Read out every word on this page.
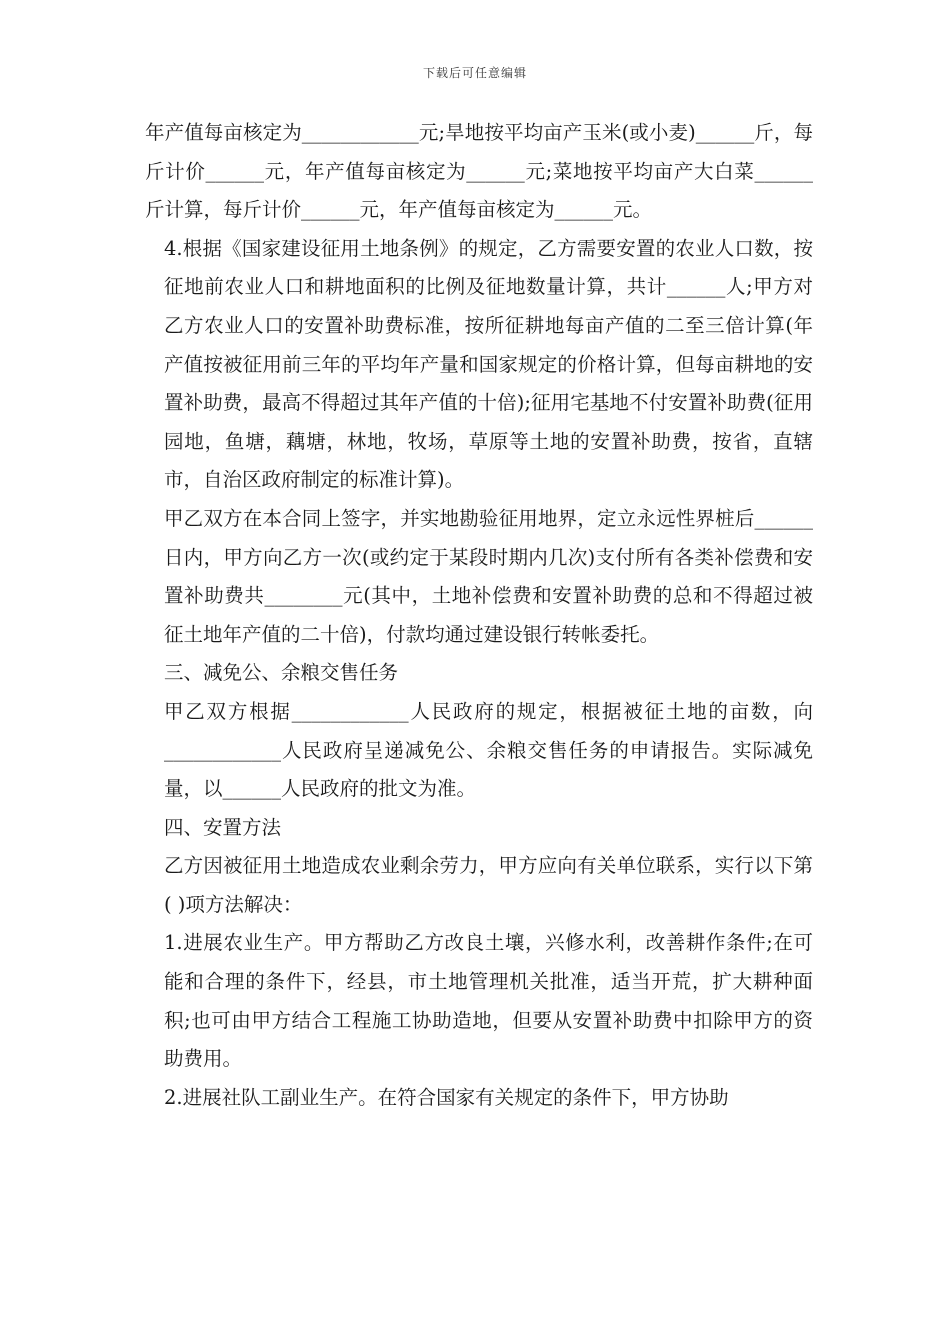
下载后可任意编辑

年产值每亩核定为____________元;旱地按平均亩产玉米(或小麦)______斤，每斤计价______元，年产值每亩核定为______元;菜地按平均亩产大白菜______斤计算，每斤计价______元，年产值每亩核定为______元。

4.根据《国家建设征用土地条例》的规定，乙方需要安置的农业人口数，按征地前农业人口和耕地面积的比例及征地数量计算，共计______人;甲方对乙方农业人口的安置补助费标准，按所征耕地每亩产值的二至三倍计算(年产值按被征用前三年的平均年产量和国家规定的价格计算，但每亩耕地的安置补助费，最高不得超过其年产值的十倍);征用宅基地不付安置补助费(征用园地，鱼塘，藕塘，林地，牧场，草原等土地的安置补助费，按省，直辖市，自治区政府制定的标准计算)。

甲乙双方在本合同上签字，并实地勘验征用地界，定立永远性界桩后______日内，甲方向乙方一次(或约定于某段时期内几次)支付所有各类补偿费和安置补助费共________元(其中，土地补偿费和安置补助费的总和不得超过被征土地年产值的二十倍)，付款均通过建设银行转帐委托。

三、减免公、余粮交售任务

甲乙双方根据____________人民政府的规定，根据被征土地的亩数，向____________人民政府呈递减免公、余粮交售任务的申请报告。实际减免量，以______人民政府的批文为准。

四、安置方法

乙方因被征用土地造成农业剩余劳力，甲方应向有关单位联系，实行以下第( )项方法解决：

1.进展农业生产。甲方帮助乙方改良土壤，兴修水利，改善耕作条件;在可能和合理的条件下，经县，市土地管理机关批准，适当开荒，扩大耕种面积;也可由甲方结合工程施工协助造地，但要从安置补助费中扣除甲方的资助费用。

2.进展社队工副业生产。在符合国家有关规定的条件下，甲方协助
